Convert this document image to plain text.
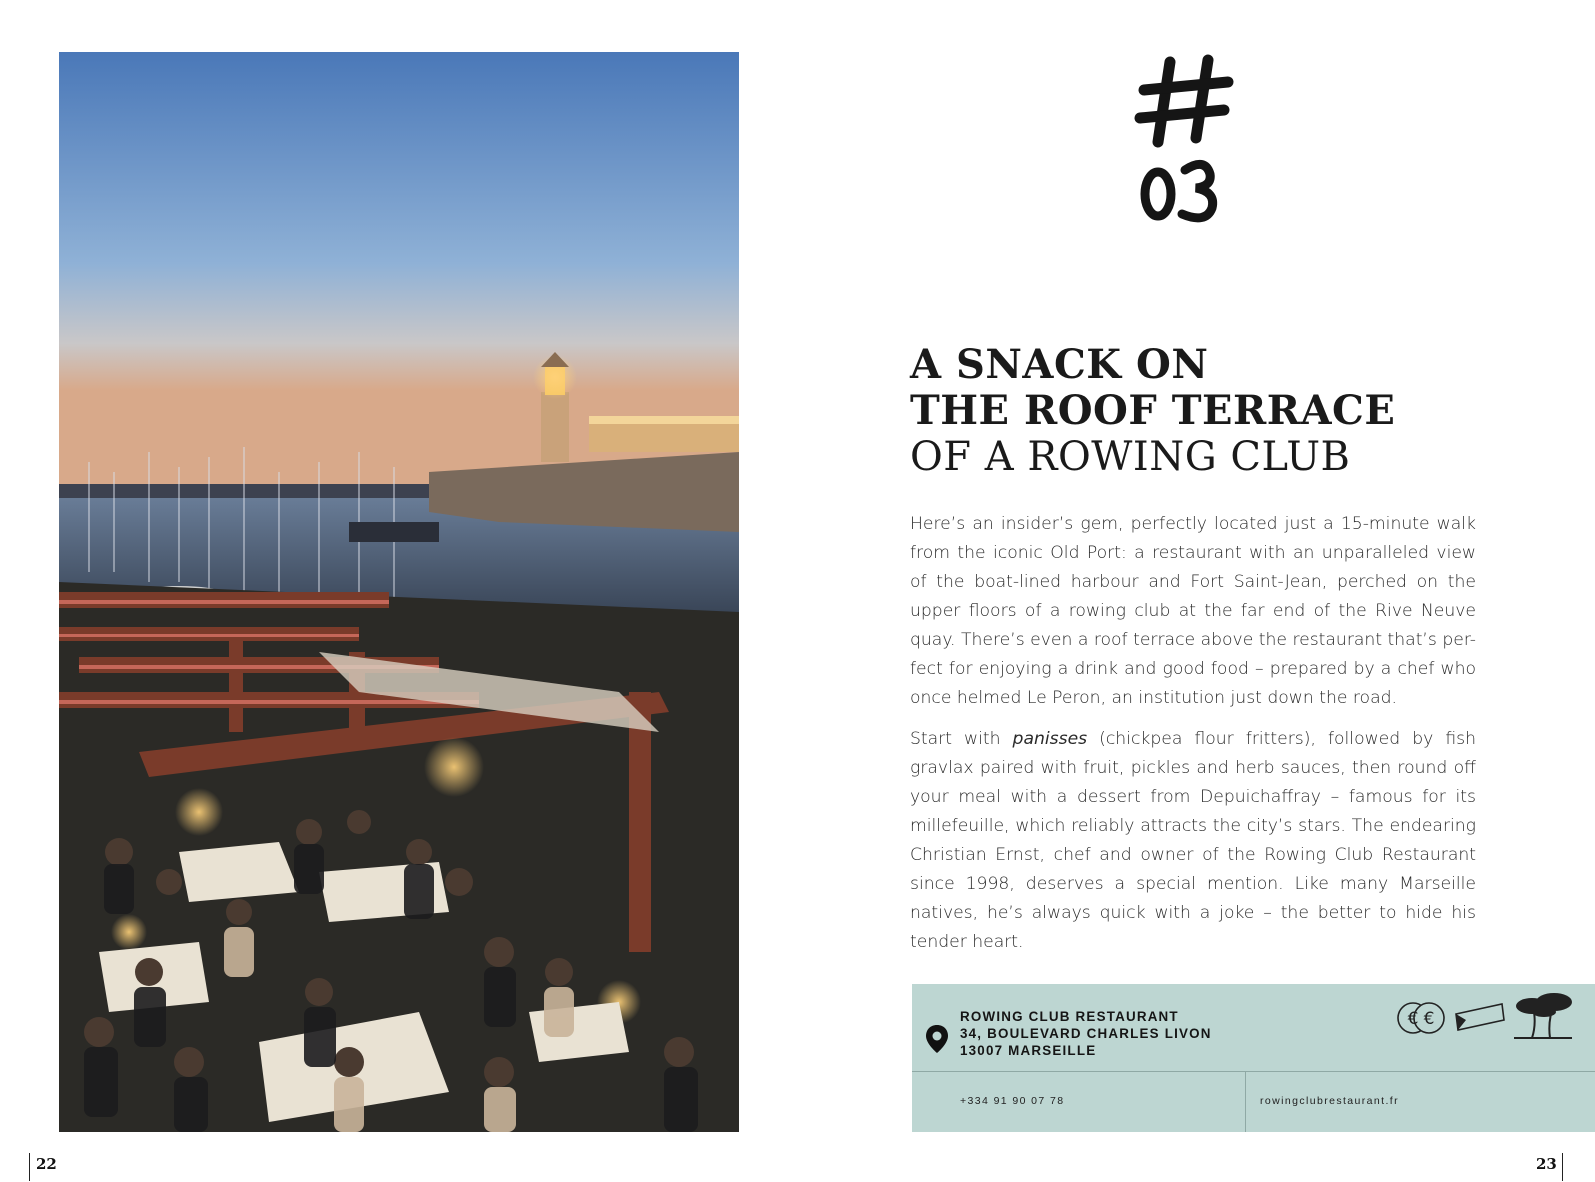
A SNACK ON
THE ROOF TERRACE
OF A ROWING CLUB

Here’s an insider’s gem, perfectly located just a 15-minute walk from the iconic Old Port: a restaurant with an unparalleled view of the boat-lined harbour and Fort Saint-Jean, perched on the upper floors of a rowing club at the far end of the Rive Neuve quay. There’s even a roof terrace above the restaurant that’s per-fect for enjoying a drink and good food – prepared by a chef who once helmed Le Peron, an institution just down the road.

Start with panisses (chickpea flour fritters), followed by fish gravlax paired with fruit, pickles and herb sauces, then round off your meal with a dessert from Depuichaffray – famous for its millefeuille, which reliably attracts the city’s stars. The endearing Christian Ernst, chef and owner of the Rowing Club Restaurant since 1998, deserves a special mention. Like many Marseille natives, he’s always quick with a joke – the better to hide his tender heart.

ROWING CLUB RESTAURANT
34, BOULEVARD CHARLES LIVON
13007 MARSEILLE
€ €
+334 91 90 07 78	rowingclubrestaurant.fr
22	23
